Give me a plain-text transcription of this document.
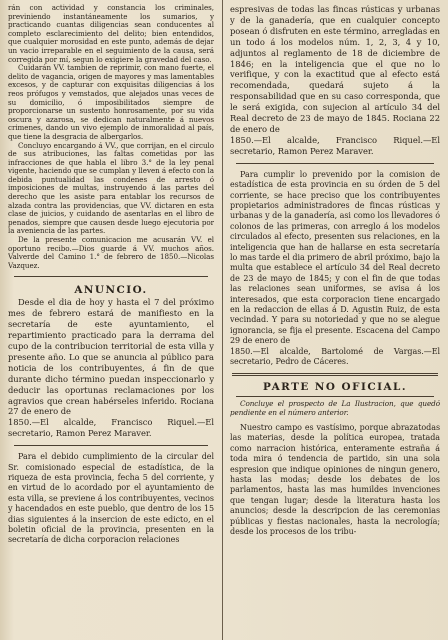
rán con actividad y constancia los criminales, previniendo instantáneamente los sumarios, y practicando cuantas diligencias sean conducentes al completo esclarecimiento del delito; bien entendidos, que cualquier morosidad en este punto, además de dejar un vacio irreparable en el seguimiento de la causa, será corregida por mí, segun lo exigiere la gravedad del caso.

Cuidarán VV. tambien de reprimir, con mano fuerte, el delito de vagancia, origen de mayores y mas lamentables excesos, y de capturar con exquisitas diligencias á los reos prófugos y vemstados, que alejados unas veces de su domicilio, ó imposibilitados siempre de proporcionarse un sustento honrosamente, por su vida oscura y azarosa, se dedican naturalmente á nuevos crimenes, dando un vivo ejemplo de inmoralidad al país, que tiene la desgracia de albergarlos.

Concluyo encargando á VV., que corrijan, en el circulo de sus atribuciones, las faltas cometidas por las infracciones de que habla el libro 3.° de la ley penal vigente, haciendo que se cumplan y lleven á efecto con la debida puntualidad las condenes de arresto ó imposiciones de multas, instruyendo á las partes del derecho que les asiste para entablar los recursos de alzada contra las providencias, que VV. dictaren en esta clase de juicios, y cuidando de asentarlas en el libro de penados, siempre que causen desde luego ejecutoria por la aveniencia de las partes.

De la presente comunicacion me acusarán VV. el oportuno recibo.—Dios guarde á VV. muchos años. Valverde del Camino 1.° de febrero de 1850.—Nicolas Vazquez.

ANUNCIO.

Desde el dia de hoy y hasta el 7 del próximo mes de febrero estará de manifiesto en la secretaría de este ayuntamiento, el repartimiento practicado para la derrama del cupo de la contribucion territorial de esta villa y presente año. Lo que se anuncia al público para noticia de los contribuyentes, á fin de que durante dicho término puedan inspeccionarlo y deducir las oportunas reclamaciones por los agravios que crean habérseles inferido. Rociana 27 de enero de

1850.—El alcalde, Francisco Riquel.—El secretario, Ramon Perez Maraver.

Para el debido cumplimiento de la circular del Sr. comisionado especial de estadística, de la riqueza de esta provincia, fecha 5 del corriente, y en virtud de lo acordado por el ayuntamiento de esta villa, se previene á los contribuyentes, vecinos y hacendados en este pueblo, que dentro de los 15 dias siguientes á la insercion de este edicto, en el boletin oficial de la provincia, presenten en la secretaría de dicha corporacion relaciones

espresivas de todas las fincas rústicas y urbanas y de la ganadería, que en cualquier concepto posean ó disfruten en este término, arregladas en un todo á los modelos núm. 1, 2, 3, 4 y 10, adjuntos al reglamento de 18 de diciembre de 1846; en la inteligencia que el que no lo verifique, y con la exactitud que al efecto está recomendada, quedará sujeto á la responsabilidad que en su caso corresponda, que le será exigida, con sujecion al artículo 34 del Real decreto de 23 de mayo de 1845. Rociana 22 de enero de

1850.—El alcalde, Francisco Riquel.—El secretario, Ramon Perez Maraver.

Para cumplir lo prevenido por la comision de estadística de esta provincia en su órden de 5 del corriente, se hace preciso que los contribuyentes propietarios administradores de fincas rústicas y urbanas y de la ganadería, asi como los llevadores ó colonos de las primeras, con arreglo á los modelos circulados al efecto, presenten sus relaciones, en la inteligencia que han de hallarse en esta secretaría lo mas tarde el dia primero de abril próximo, bajo la multa que establece el artículo 34 del Real decreto de 23 de mayo de 1845; y con el fin de que todas las relaciones sean uniformes, se avisa á los interesados, que esta corporacion tiene encargado en la redaccion de ellas á D. Agustin Ruiz, de esta vecindad. Y para su notoriedad y que no se alegue ignorancia, se fija el presente. Escacena del Campo 29 de enero de

1850.—El alcalde, Bartolomé de Vargas.—El secretario, Pedro de Cáceres.

PARTE NO OFICIAL.

Concluye el prospecto de La Ilustracion, que quedó pendiente en el número anterior.

Nuestro campo es vastísimo, porque abrazatodas las materias, desde la política europea, tratada como narracion histórica, enteramente estraña á toda mira ó tendencia de partido, sin una sola espresion que indique opiniones de ningun genero, hasta las modas; desde los debates de los parlamentos, hasta las mas humildes invenciones que tengan lugar; desde la literatura hasta los anuncios; desde la descripcion de las ceremonias públicas y fiestas nacionales, hasta la necrología; desde los procesos de los tribu-
